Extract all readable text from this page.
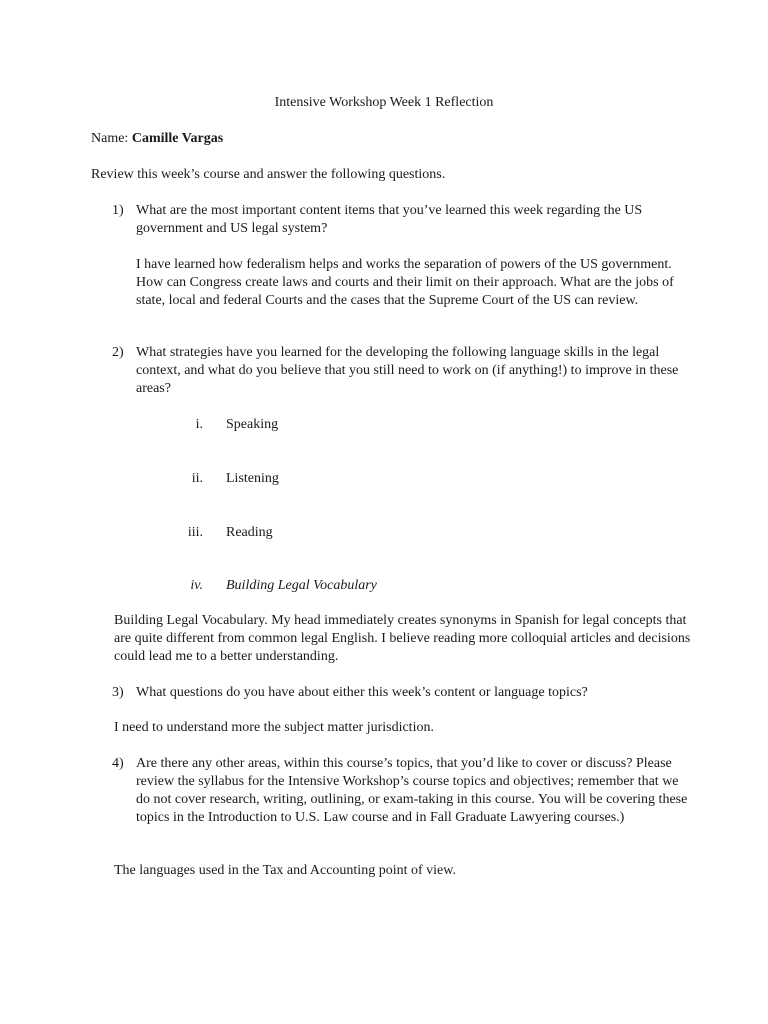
Intensive Workshop Week 1 Reflection
Name: Camille Vargas
Review this week’s course and answer the following questions.
1) What are the most important content items that you’ve learned this week regarding the US government and US legal system?
I have learned how federalism helps and works the separation of powers of the US government. How can Congress create laws and courts and their limit on their approach. What are the jobs of state, local and federal Courts and the cases that the Supreme Court of the US can review.
2) What strategies have you learned for the developing the following language skills in the legal context, and what do you believe that you still need to work on (if anything!) to improve in these areas?
i. Speaking
ii. Listening
iii. Reading
iv. Building Legal Vocabulary
Building Legal Vocabulary. My head immediately creates synonyms in Spanish for legal concepts that are quite different from common legal English. I believe reading more colloquial articles and decisions could lead me to a better understanding.
3) What questions do you have about either this week’s content or language topics?
I need to understand more the subject matter jurisdiction.
4) Are there any other areas, within this course’s topics, that you’d like to cover or discuss? Please review the syllabus for the Intensive Workshop’s course topics and objectives; remember that we do not cover research, writing, outlining, or exam-taking in this course. You will be covering these topics in the Introduction to U.S. Law course and in Fall Graduate Lawyering courses.)
The languages used in the Tax and Accounting point of view.
